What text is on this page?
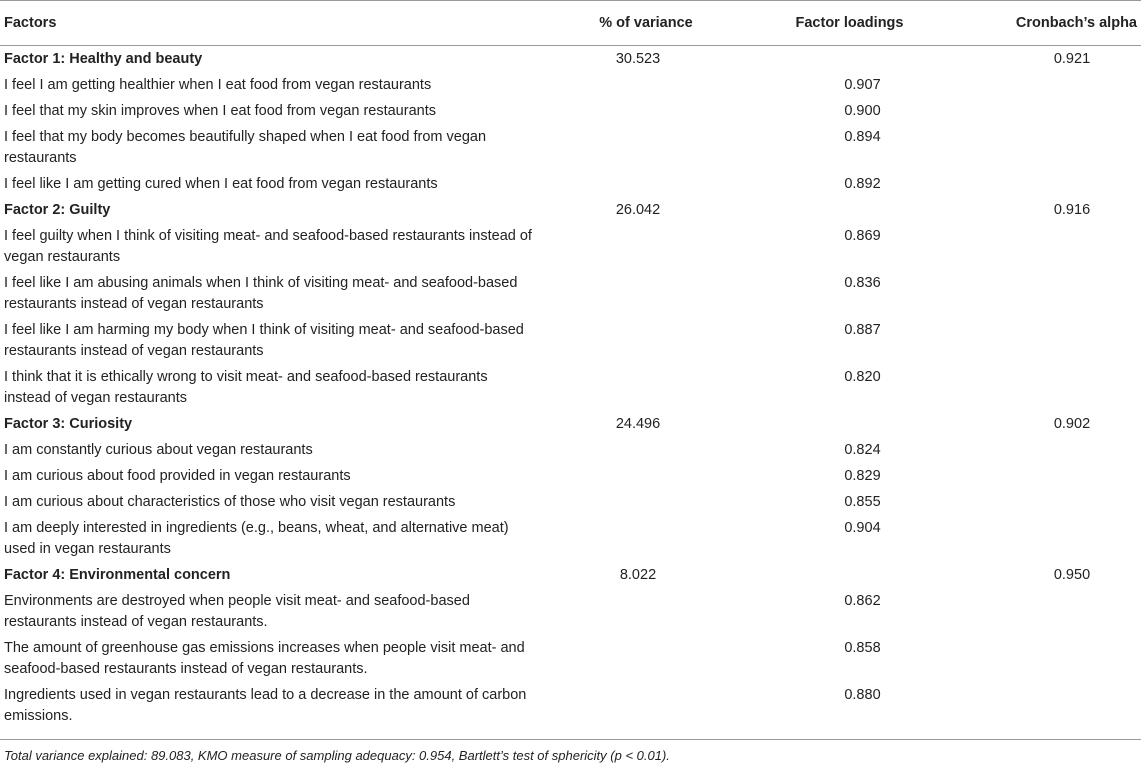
Factors	% of variance	Factor loadings	Cronbach’s alpha
Factor 1: Healthy and beauty	30.523		0.921
I feel I am getting healthier when I eat food from vegan restaurants		0.907	
I feel that my skin improves when I eat food from vegan restaurants		0.900	
I feel that my body becomes beautifully shaped when I eat food from vegan restaurants		0.894	
I feel like I am getting cured when I eat food from vegan restaurants		0.892	
Factor 2: Guilty	26.042		0.916
I feel guilty when I think of visiting meat- and seafood-based restaurants instead of vegan restaurants		0.869	
I feel like I am abusing animals when I think of visiting meat- and seafood-based restaurants instead of vegan restaurants		0.836	
I feel like I am harming my body when I think of visiting meat- and seafood-based restaurants instead of vegan restaurants		0.887	
I think that it is ethically wrong to visit meat- and seafood-based restaurants instead of vegan restaurants		0.820	
Factor 3: Curiosity	24.496		0.902
I am constantly curious about vegan restaurants		0.824	
I am curious about food provided in vegan restaurants		0.829	
I am curious about characteristics of those who visit vegan restaurants		0.855	
I am deeply interested in ingredients (e.g., beans, wheat, and alternative meat) used in vegan restaurants		0.904	
Factor 4: Environmental concern	8.022		0.950
Environments are destroyed when people visit meat- and seafood-based restaurants instead of vegan restaurants.		0.862	
The amount of greenhouse gas emissions increases when people visit meat- and seafood-based restaurants instead of vegan restaurants.		0.858	
Ingredients used in vegan restaurants lead to a decrease in the amount of carbon emissions.		0.880	
Total variance explained: 89.083, KMO measure of sampling adequacy: 0.954, Bartlett’s test of sphericity (p < 0.01).
